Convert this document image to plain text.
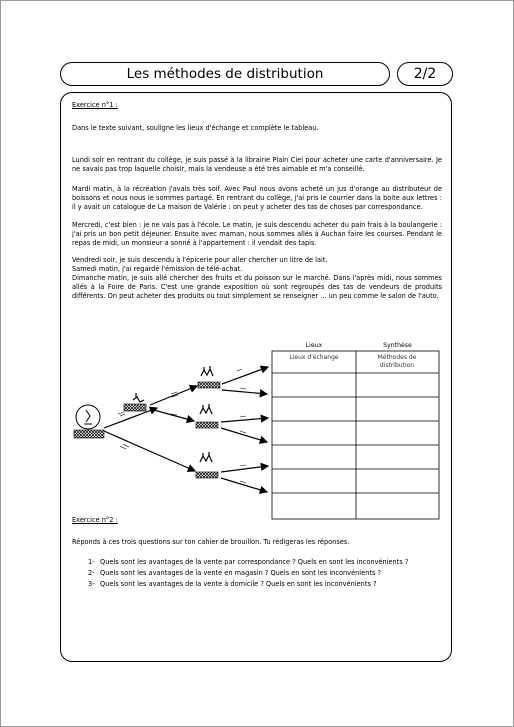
Les méthodes de distribution	2/2
Exercice n°1 :
Dans le texte suivant, souligne les lieux d'échange et complète le tableau.
Lundi soir en rentrant du collège, je suis passé à la librairie Plain Ciel pour acheter une carte d'anniversaire. Je ne savais pas trop laquelle choisir, mais la vendeuse a été très aimable et m'a conseillé.
Mardi matin, à la récréation j'avais très soif. Avec Paul nous avons acheté un jus d'orange au distributeur de boissons et nous nous le sommes partagé. En rentrant du collège, j'ai pris le courrier dans la boite aux lettres : il y avait un catalogue de La maison de Valérie : on peut y acheter des tas de choses par correspondance.
Mercredi, c'est bien : je ne vais pas à l'école. Le matin, je suis descendu acheter du pain frais à la boulangerie : j'ai pris un bon petit déjeuner. Ensuite avec maman, nous sommes allés à Auchan faire les courses. Pendant le repas de midi, un monsieur a sonné à l'appartement : il vendait des tapis.
Vendredi soir, je suis descendu à l'épicerie pour aller chercher un litre de lait.
Samedi matin, j'ai regardé l'émission de télé-achat.
Dimanche matin, je suis allé chercher des fruits et du poisson sur le marché. Dans l'après midi, nous sommes allés à la Foire de Paris. C'est une grande exposition où sont regroupés des tas de vendeurs de produits différents. On peut acheter des produits ou tout simplement se renseigner ... un peu comme le salon de l'auto.
Lieux	Synthèse
Lieux d'échange	Méthodes de distribution
Exercice n°2 :
Réponds à ces trois questions sur ton cahier de brouillon. Tu rédigeras les réponses.
1- Quels sont les avantages de la vente par correspondance ? Quels en sont les inconvénients ?
2- Quels sont les avantages de la vente en magasin ? Quels en sont les inconvénients ?
3- Quels sont les avantages de la vente à domicile ? Quels en sont les inconvénients ?
